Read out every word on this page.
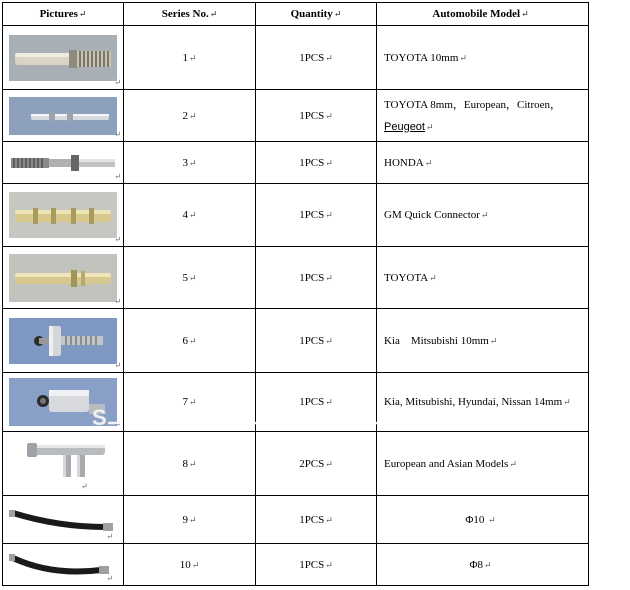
Pictures↵	Series No.↵	Quantity↵	Automobile Model↵

↵	1↵	1PCS↵	TOYOTA 10mm↵

↵	2↵	1PCS↵	TOYOTA 8mm，European，Citroen，
Peugeot↵

↵	3↵	1PCS↵	HONDA↵

↵	4↵	1PCS↵	GM Quick Connector↵

↵	5↵	1PCS↵	TOYOTA↵

↵	6↵	1PCS↵	Kia    Mitsubishi 10mm↵

↵	7↵	1PCS↵	Kia, Mitsubishi, Hyundai, Nissan 14mm↵

↵	8↵	2PCS↵	European and Asian Models↵

↵	9↵	1PCS↵	Φ10 ↵

↵	10↵	1PCS↵	Φ8↵
S
